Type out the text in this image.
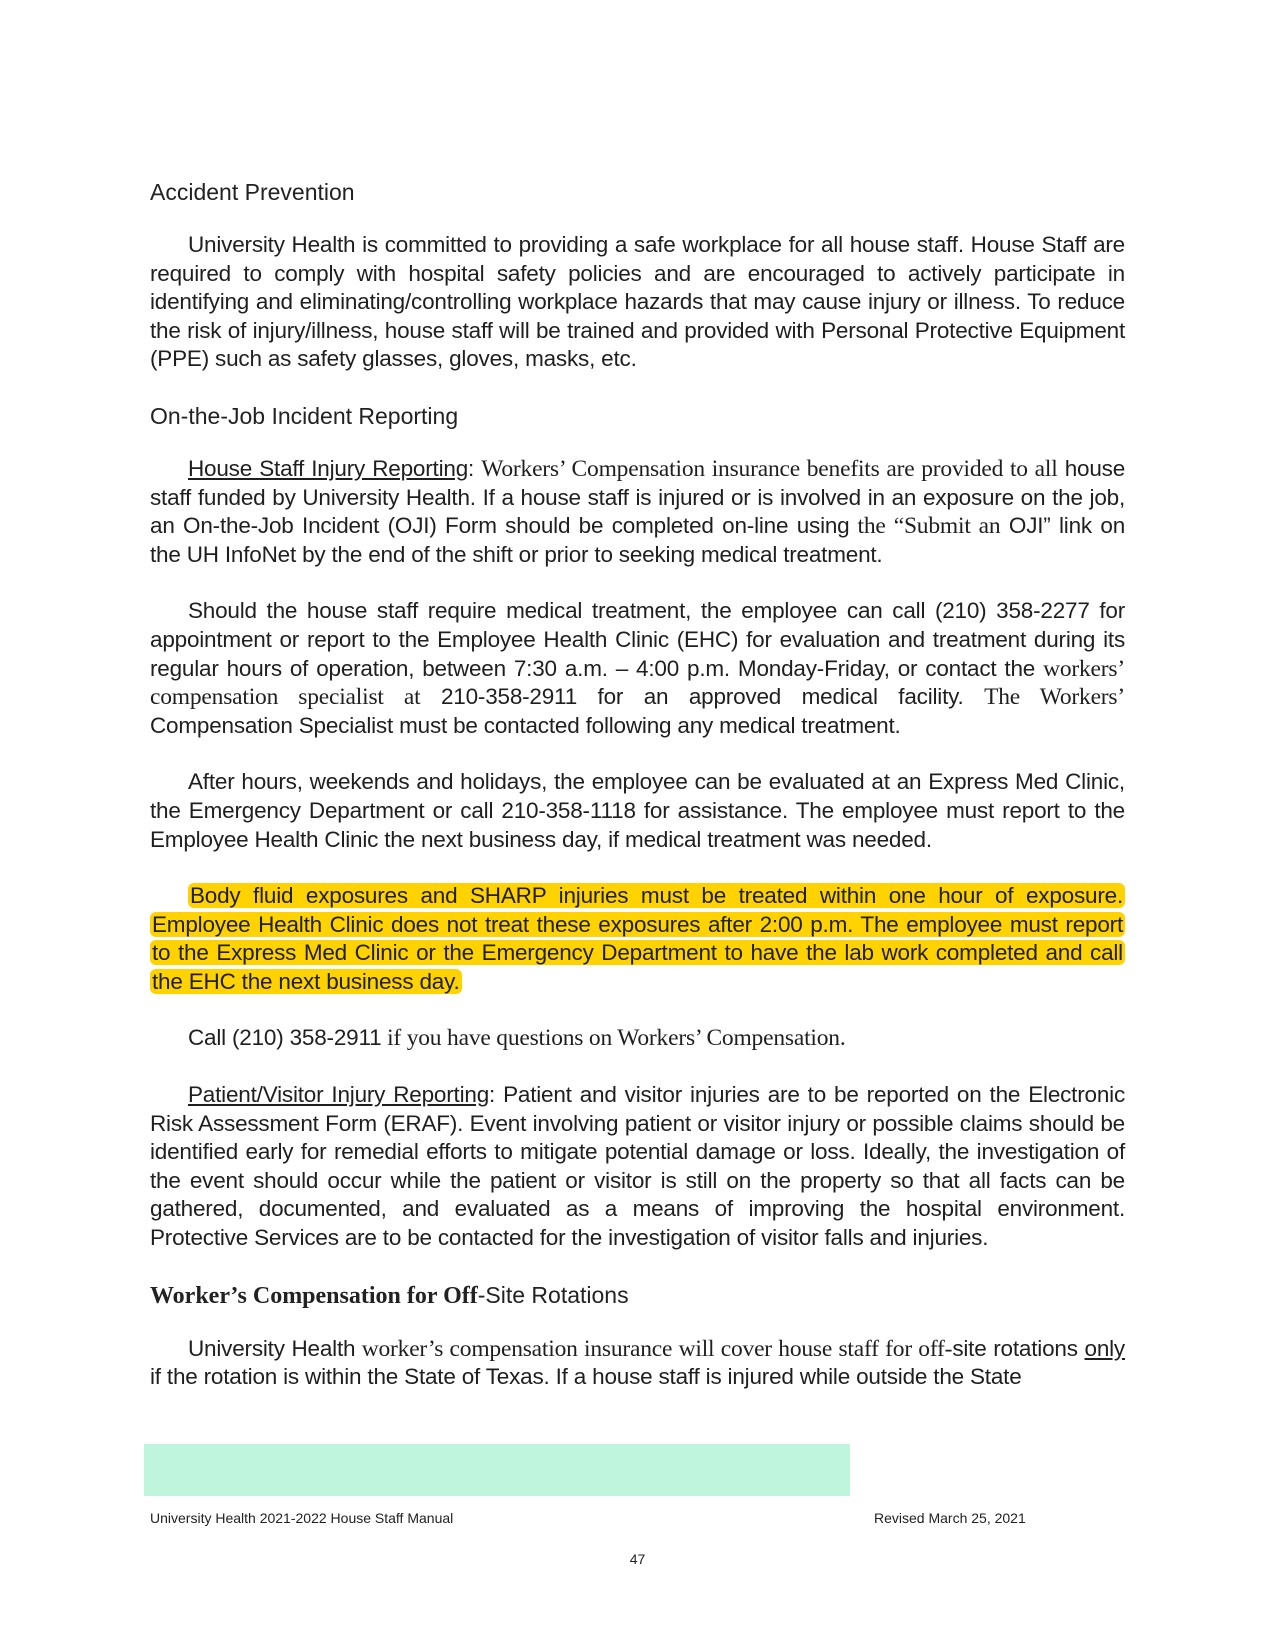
Accident Prevention

University Health is committed to providing a safe workplace for all house staff. House Staff are required to comply with hospital safety policies and are encouraged to actively participate in identifying and eliminating/controlling workplace hazards that may cause injury or illness. To reduce the risk of injury/illness, house staff will be trained and provided with Personal Protective Equipment (PPE) such as safety glasses, gloves, masks, etc.

On-the-Job Incident Reporting

House Staff Injury Reporting: Workers’ Compensation insurance benefits are provided to all house staff funded by University Health. If a house staff is injured or is involved in an exposure on the job, an On-the-Job Incident (OJI) Form should be completed on-line using the “Submit an OJI” link on the UH InfoNet by the end of the shift or prior to seeking medical treatment.

Should the house staff require medical treatment, the employee can call (210) 358-2277 for appointment or report to the Employee Health Clinic (EHC) for evaluation and treatment during its regular hours of operation, between 7:30 a.m. – 4:00 p.m. Monday-Friday, or contact the workers’ compensation specialist at 210-358-2911 for an approved medical facility. The Workers’ Compensation Specialist must be contacted following any medical treatment.

After hours, weekends and holidays, the employee can be evaluated at an Express Med Clinic, the Emergency Department or call 210-358-1118 for assistance. The employee must report to the Employee Health Clinic the next business day, if medical treatment was needed.

Body fluid exposures and SHARP injuries must be treated within one hour of exposure. Employee Health Clinic does not treat these exposures after 2:00 p.m. The employee must report to the Express Med Clinic or the Emergency Department to have the lab work completed and call the EHC the next business day.

Call (210) 358-2911 if you have questions on Workers’ Compensation.

Patient/Visitor Injury Reporting: Patient and visitor injuries are to be reported on the Electronic Risk Assessment Form (ERAF). Event involving patient or visitor injury or possible claims should be identified early for remedial efforts to mitigate potential damage or loss. Ideally, the investigation of the event should occur while the patient or visitor is still on the property so that all facts can be gathered, documented, and evaluated as a means of improving the hospital environment. Protective Services are to be contacted for the investigation of visitor falls and injuries.

Worker’s Compensation for Off-Site Rotations

University Health worker’s compensation insurance will cover house staff for off-site rotations only if the rotation is within the State of Texas. If a house staff is injured while outside the State

University Health 2021-2022 House Staff Manual	Revised March 25, 2021
47
